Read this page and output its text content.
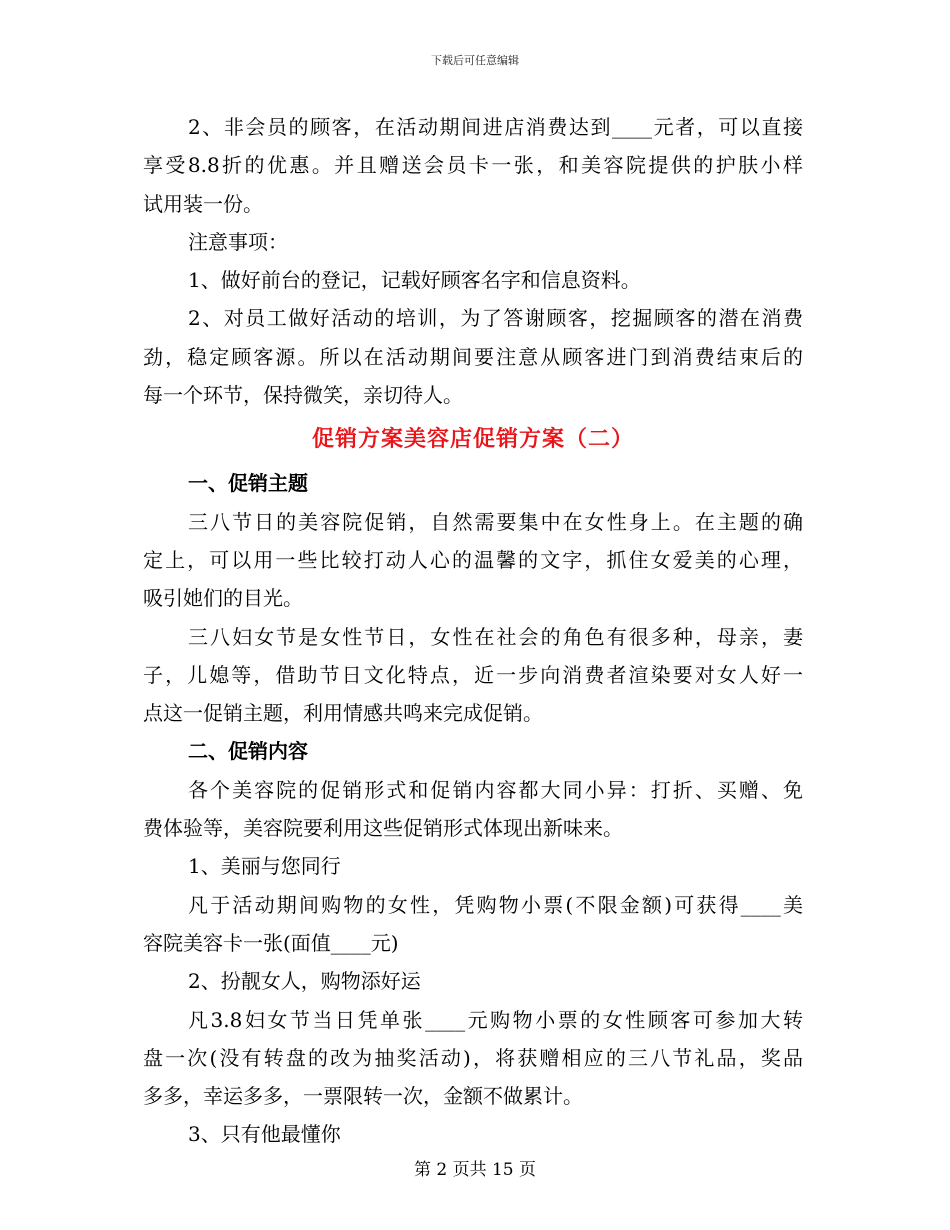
下载后可任意编辑
2、非会员的顾客，在活动期间进店消费达到____元者，可以直接
享受8.8折的优惠。并且赠送会员卡一张，和美容院提供的护肤小样
试用装一份。
注意事项：
1、做好前台的登记，记载好顾客名字和信息资料。
2、对员工做好活动的培训，为了答谢顾客，挖掘顾客的潜在消费
劲，稳定顾客源。所以在活动期间要注意从顾客进门到消费结束后的
每一个环节，保持微笑，亲切待人。
促销方案美容店促销方案（二）
一、促销主题
三八节日的美容院促销，自然需要集中在女性身上。在主题的确
定上，可以用一些比较打动人心的温馨的文字，抓住女爱美的心理，
吸引她们的目光。
三八妇女节是女性节日，女性在社会的角色有很多种，母亲，妻
子，儿媳等，借助节日文化特点，近一步向消费者渲染要对女人好一
点这一促销主题，利用情感共鸣来完成促销。
二、促销内容
各个美容院的促销形式和促销内容都大同小异：打折、买赠、免
费体验等，美容院要利用这些促销形式体现出新味来。
1、美丽与您同行
凡于活动期间购物的女性，凭购物小票(不限金额)可获得____美
容院美容卡一张(面值____元)
2、扮靓女人，购物添好运
凡3.8妇女节当日凭单张____元购物小票的女性顾客可参加大转
盘一次(没有转盘的改为抽奖活动)，将获赠相应的三八节礼品，奖品
多多，幸运多多，一票限转一次，金额不做累计。
3、只有他最懂你
第 2 页共 15 页
